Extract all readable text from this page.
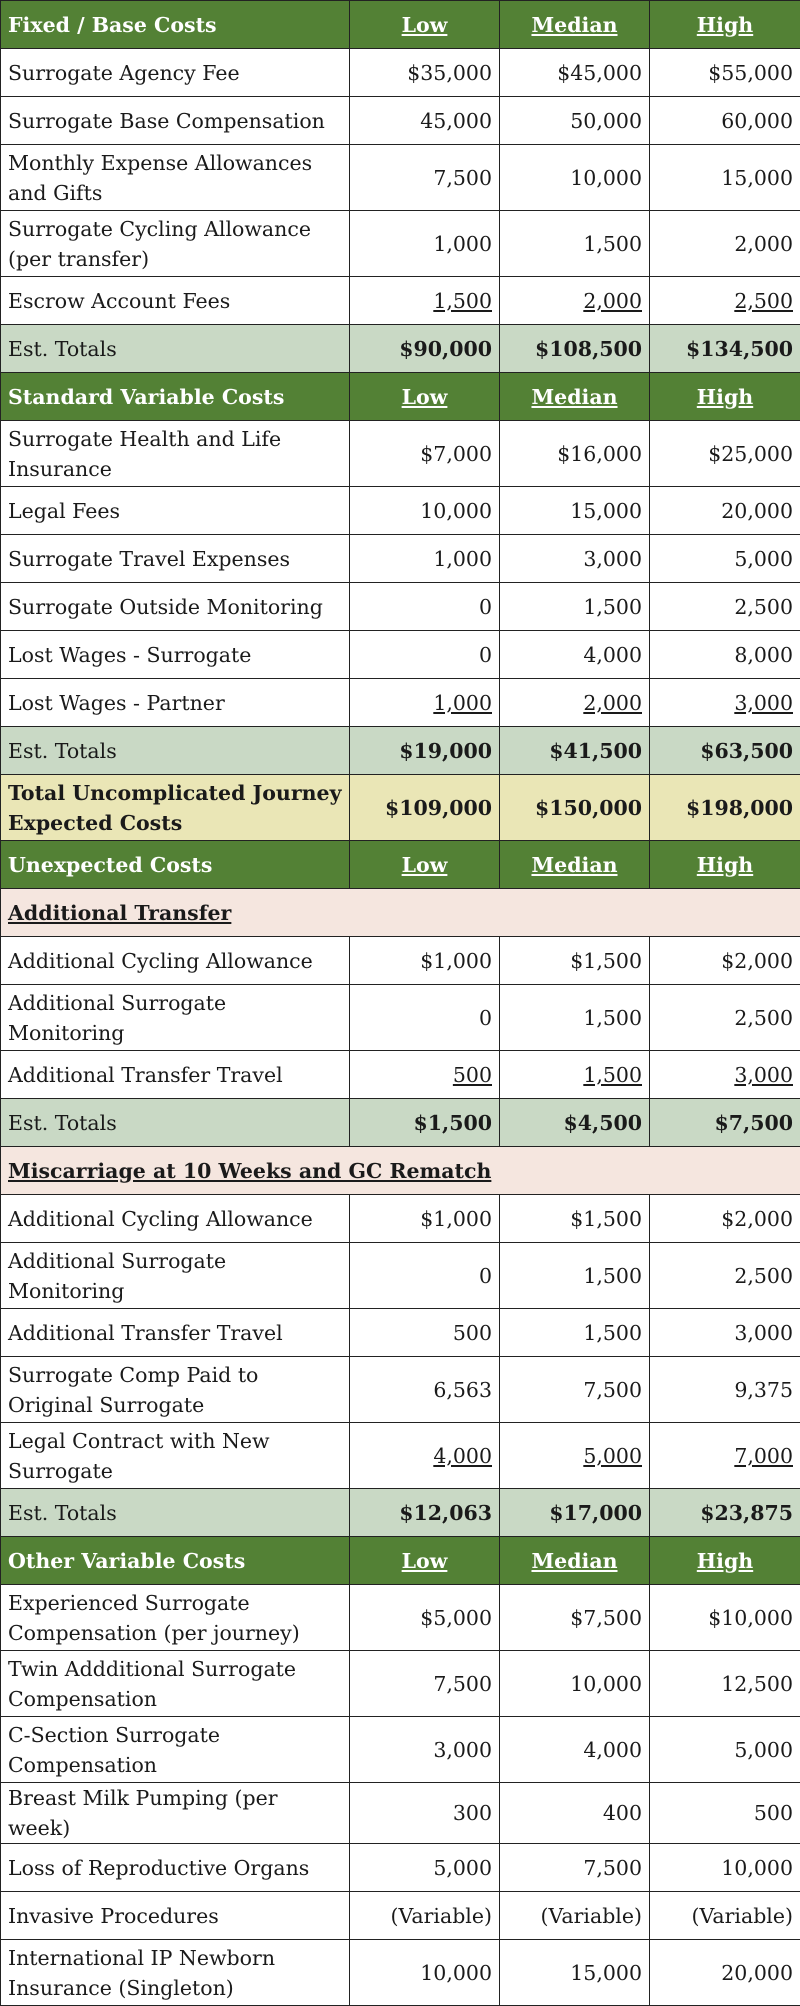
Fixed / Base Costs	Low	Median	High
Surrogate Agency Fee	$35,000	$45,000	$55,000
Surrogate Base Compensation	45,000	50,000	60,000
Monthly Expense Allowances and Gifts	7,500	10,000	15,000
Surrogate Cycling Allowance (per transfer)	1,000	1,500	2,000
Escrow Account Fees	1,500	2,000	2,500
Est. Totals	$90,000	$108,500	$134,500
Standard Variable Costs	Low	Median	High
Surrogate Health and Life Insurance	$7,000	$16,000	$25,000
Legal Fees	10,000	15,000	20,000
Surrogate Travel Expenses	1,000	3,000	5,000
Surrogate Outside Monitoring	0	1,500	2,500
Lost Wages - Surrogate	0	4,000	8,000
Lost Wages - Partner	1,000	2,000	3,000
Est. Totals	$19,000	$41,500	$63,500
Total Uncomplicated Journey Expected Costs	$109,000	$150,000	$198,000
Unexpected Costs	Low	Median	High
Additional Transfer			
Additional Cycling Allowance	$1,000	$1,500	$2,000
Additional Surrogate Monitoring	0	1,500	2,500
Additional Transfer Travel	500	1,500	3,000
Est. Totals	$1,500	$4,500	$7,500
Miscarriage at 10 Weeks and GC Rematch			
Additional Cycling Allowance	$1,000	$1,500	$2,000
Additional Surrogate Monitoring	0	1,500	2,500
Additional Transfer Travel	500	1,500	3,000
Surrogate Comp Paid to Original Surrogate	6,563	7,500	9,375
Legal Contract with New Surrogate	4,000	5,000	7,000
Est. Totals	$12,063	$17,000	$23,875
Other Variable Costs	Low	Median	High
Experienced Surrogate Compensation (per journey)	$5,000	$7,500	$10,000
Twin Addditional Surrogate Compensation	7,500	10,000	12,500
C-Section Surrogate Compensation	3,000	4,000	5,000
Breast Milk Pumping (per week)	300	400	500
Loss of Reproductive Organs	5,000	7,500	10,000
Invasive Procedures	(Variable)	(Variable)	(Variable)
International IP Newborn Insurance (Singleton)	10,000	15,000	20,000
